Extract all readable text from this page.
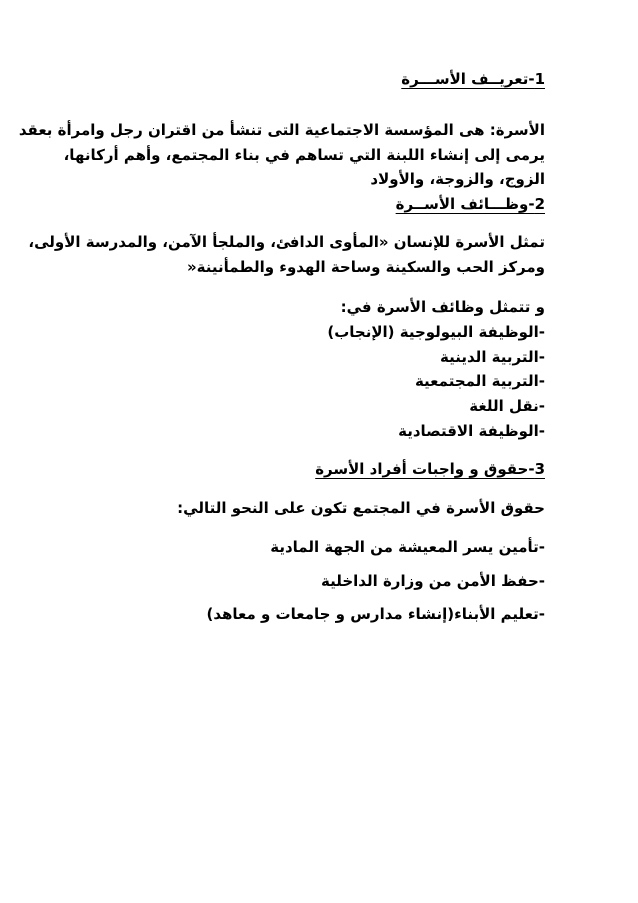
1-تعريــف الأســـرة
الأسرة: هى المؤسسة الاجتماعية التى تنشأ من اقتران رجل وامرأة بعقد
يرمى إلى إنشاء اللبنة التي تساهم في بناء المجتمع، وأهم أركانها،
الزوج، والزوجة، والأولاد
2-وظـــائف الأســرة
تمثل الأسرة للإنسان «المأوى الدافئ، والملجأ الآمن، والمدرسة الأولى،
ومركز الحب والسكينة وساحة الهدوء والطمأنينة«
و تتمثل وظائف الأسرة في:
-الوظيفة البيولوجية (الإنجاب)
-التربية الدينية
-التربية المجتمعية
-نقل اللغة
-الوظيفة الاقتصادية
3-حقوق و واجبات أفراد الأسرة
حقوق الأسرة في المجتمع تكون على النحو التالي:
-تأمين يسر المعيشة من الجهة المادية
-حفظ الأمن من وزارة الداخلية
-تعليم الأبناء(إنشاء مدارس و جامعات و معاهد)
